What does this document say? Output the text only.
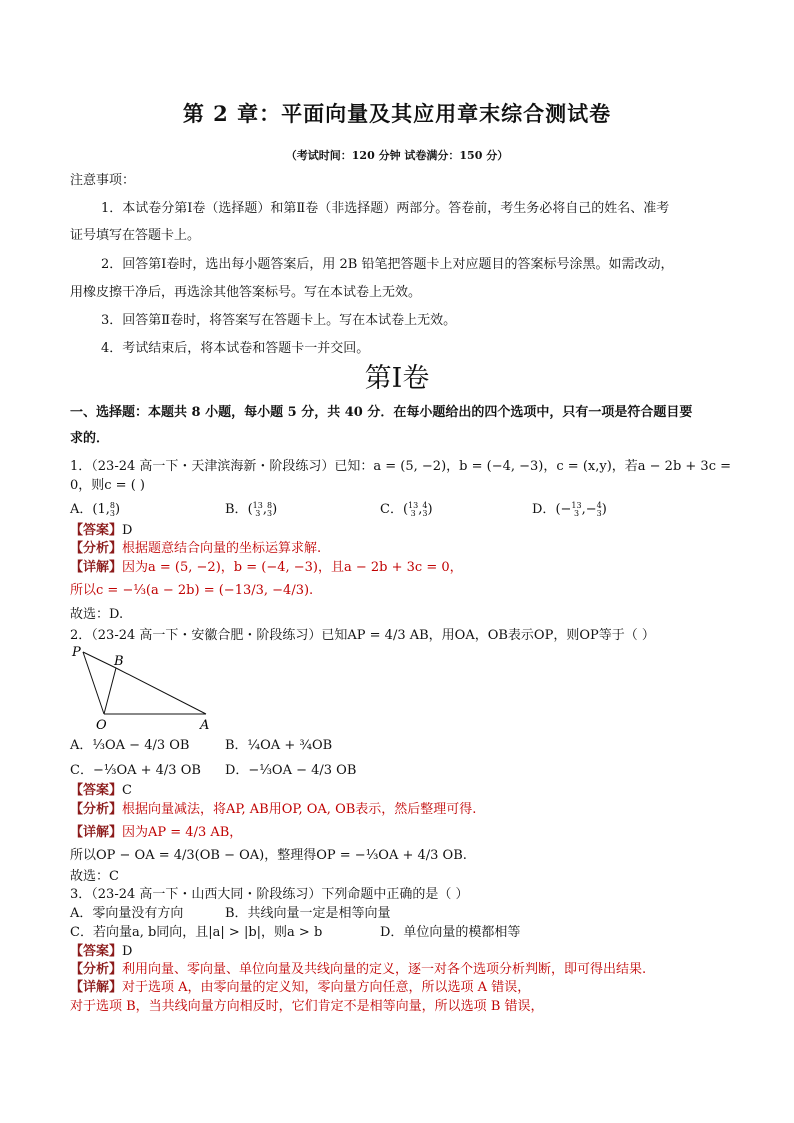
第 2 章：平面向量及其应用章末综合测试卷
（考试时间：120 分钟 试卷满分：150 分）
注意事项：
1．本试卷分第Ⅰ卷（选择题）和第Ⅱ卷（非选择题）两部分。答卷前，考生务必将自己的姓名、准考
证号填写在答题卡上。
2．回答第Ⅰ卷时，选出每小题答案后，用 2B 铅笔把答题卡上对应题目的答案标号涂黑。如需改动，
用橡皮擦干净后，再选涂其他答案标号。写在本试卷上无效。
3．回答第Ⅱ卷时，将答案写在答题卡上。写在本试卷上无效。
4．考试结束后，将本试卷和答题卡一并交回。
第Ⅰ卷
一、选择题：本题共 8 小题，每小题 5 分，共 40 分．在每小题给出的四个选项中，只有一项是符合题目要
求的．
1．（23-24 高一下・天津滨海新・阶段练习）已知：a = (5, −2)，b = (−4, −3)，c = (x,y)，若a − 2b + 3c =
0，则c = ( )
A．(1, 8
3 )	B．( 13
3 , 8
3 )	C．( 13
3 , 4
3 )	D．(− 13
3 ,− 4
3 )
【答案】D
【分析】根据题意结合向量的坐标运算求解.
【详解】因为a = (5, −2)，b = (−4, −3)，且a − 2b + 3c = 0，
所以c = −⅓(a − 2b) = (−13/3, −4/3).
故选：D.
2．（23-24 高一下・安徽合肥・阶段练习）已知AP = 4/3 AB，用OA，OB表示OP，则OP等于（ ）
P
B
O	A
A．⅓OA − 4/3 OB	B．¼OA + ¾OB
C．−⅓OA + 4/3 OB D．−⅓OA − 4/3 OB
【答案】C
【分析】根据向量减法，将AP, AB用OP, OA, OB表示，然后整理可得.
【详解】因为AP = 4/3 AB，
所以OP − OA = 4/3(OB − OA)，整理得OP = −⅓OA + 4/3 OB.
故选：C
3．（23-24 高一下・山西大同・阶段练习）下列命题中正确的是（ ）
A．零向量没有方向	B．共线向量一定是相等向量
C．若向量a, b同向，且|a| > |b|，则a > b	D．单位向量的模都相等
【答案】D
【分析】利用向量、零向量、单位向量及共线向量的定义，逐一对各个选项分析判断，即可得出结果.
【详解】对于选项 A，由零向量的定义知，零向量方向任意，所以选项 A 错误，
对于选项 B，当共线向量方向相反时，它们肯定不是相等向量，所以选项 B 错误，
